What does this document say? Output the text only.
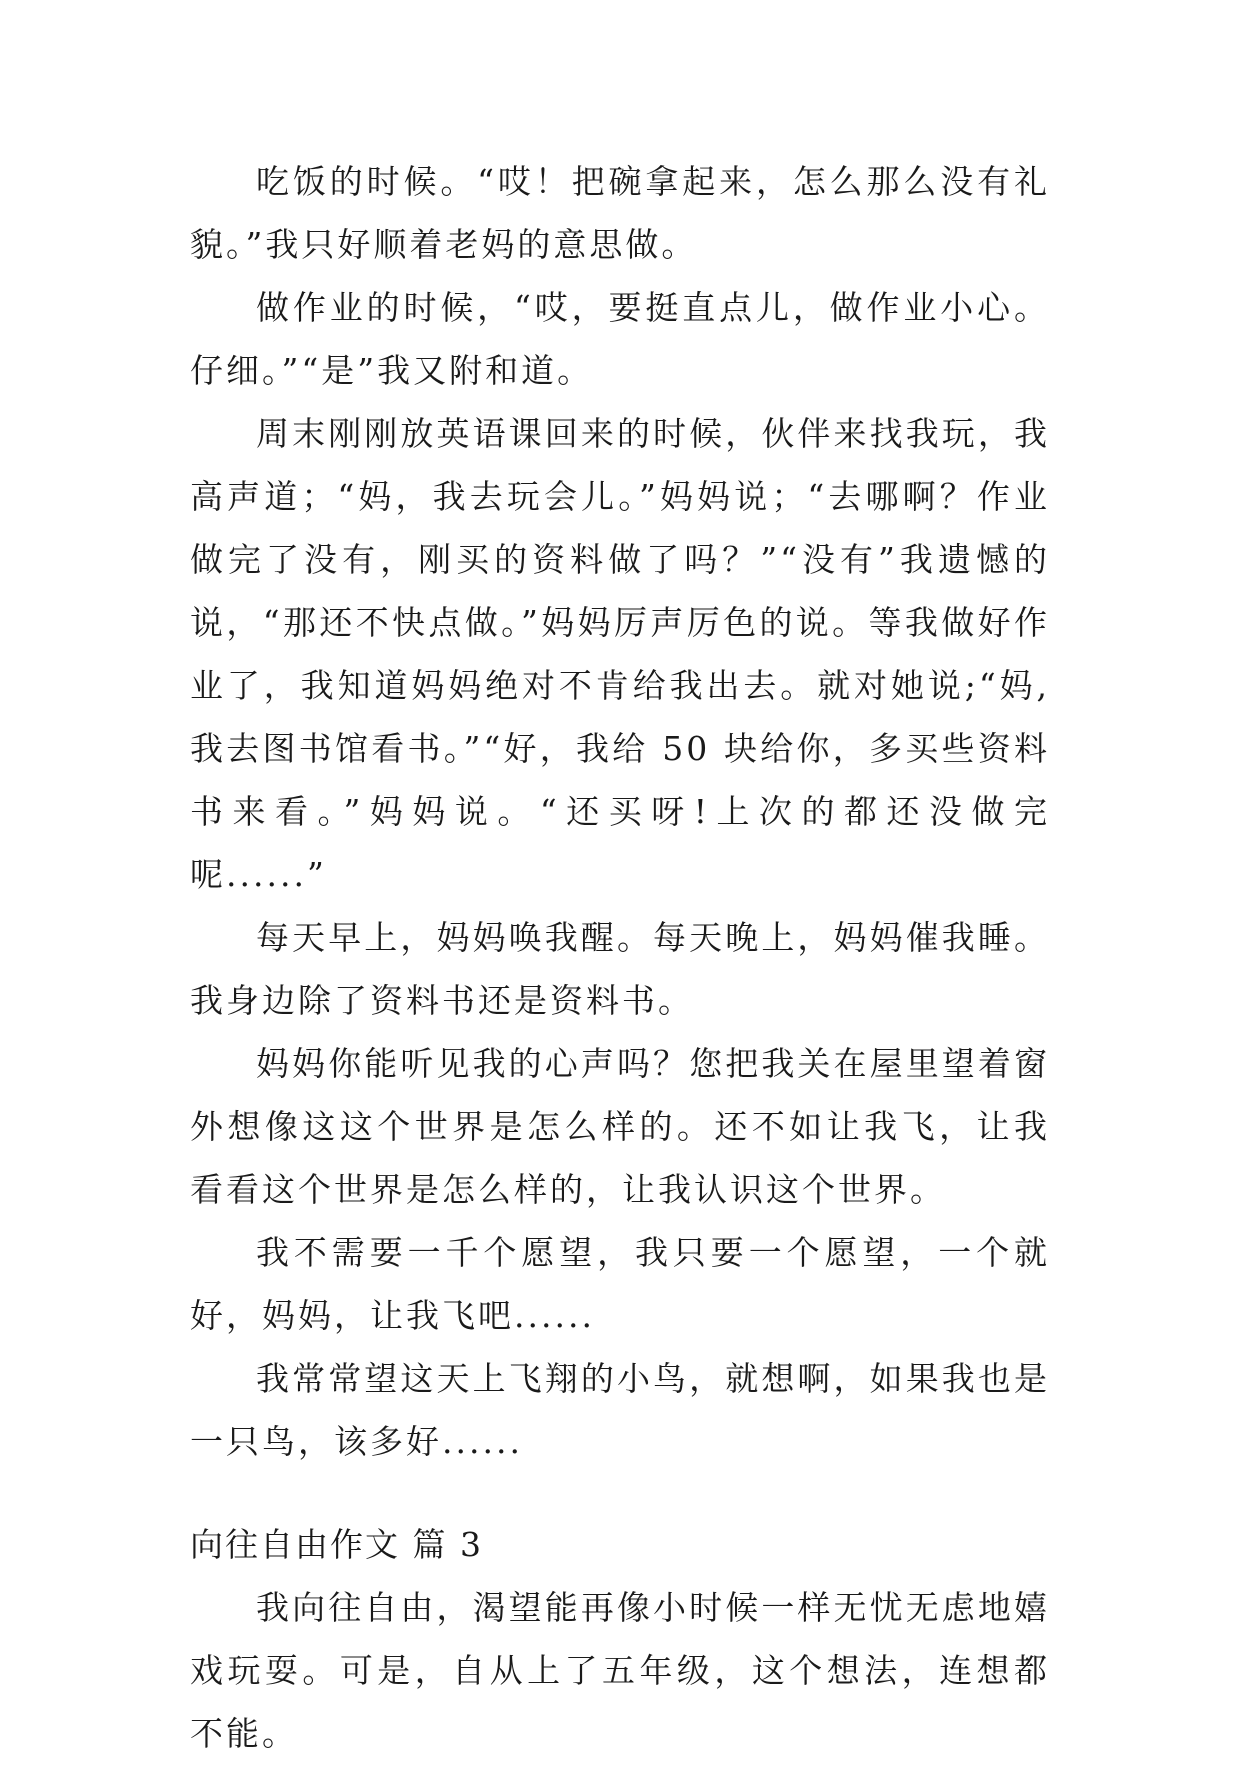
吃饭的时候。“哎！把碗拿起来，怎么那么没有礼貌。”我只好顺着老妈的意思做。

做作业的时候，“哎，要挺直点儿，做作业小心。仔细。”“是”我又附和道。

周末刚刚放英语课回来的时候，伙伴来找我玩，我高声道；“妈，我去玩会儿。”妈妈说；“去哪啊？作业做完了没有，刚买的资料做了吗？”“没有”我遗憾的说，“那还不快点做。”妈妈厉声厉色的说。等我做好作业了，我知道妈妈绝对不肯给我出去。就对她说;“妈,我去图书馆看书。”“好，我给 50 块给你，多买些资料书来看。”妈妈说。“还买呀!上次的都还没做完呢......”

每天早上，妈妈唤我醒。每天晚上，妈妈催我睡。我身边除了资料书还是资料书。

妈妈你能听见我的心声吗？您把我关在屋里望着窗外想像这这个世界是怎么样的。还不如让我飞，让我看看这个世界是怎么样的，让我认识这个世界。

我不需要一千个愿望，我只要一个愿望，一个就好，妈妈，让我飞吧......

我常常望这天上飞翔的小鸟，就想啊，如果我也是一只鸟，该多好......

向往自由作文 篇 3

我向往自由，渴望能再像小时候一样无忧无虑地嬉戏玩耍。可是，自从上了五年级，这个想法，连想都不能。
